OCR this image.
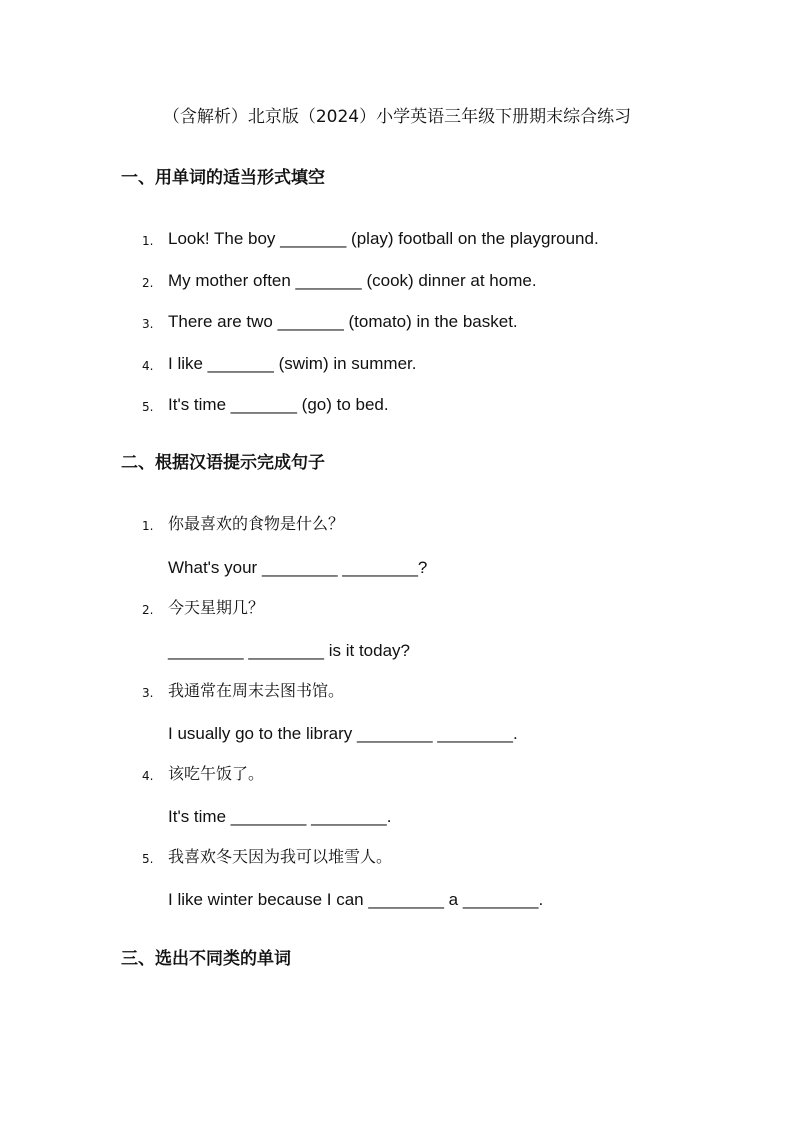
（含解析）北京版（2024）小学英语三年级下册期末综合练习
一、用单词的适当形式填空
1. Look! The boy _______ (play) football on the playground.
2. My mother often _______ (cook) dinner at home.
3. There are two _______ (tomato) in the basket.
4. I like _______ (swim) in summer.
5. It's time _______ (go) to bed.
二、根据汉语提示完成句子
1. 你最喜欢的食物是什么？
What's your ________ ________?
2. 今天星期几？
________ ________ is it today?
3. 我通常在周末去图书馆。
I usually go to the library ________ ________.
4. 该吃午饭了。
It's time ________ ________.
5. 我喜欢冬天因为我可以堆雪人。
I like winter because I can ________ a ________.
三、选出不同类的单词
